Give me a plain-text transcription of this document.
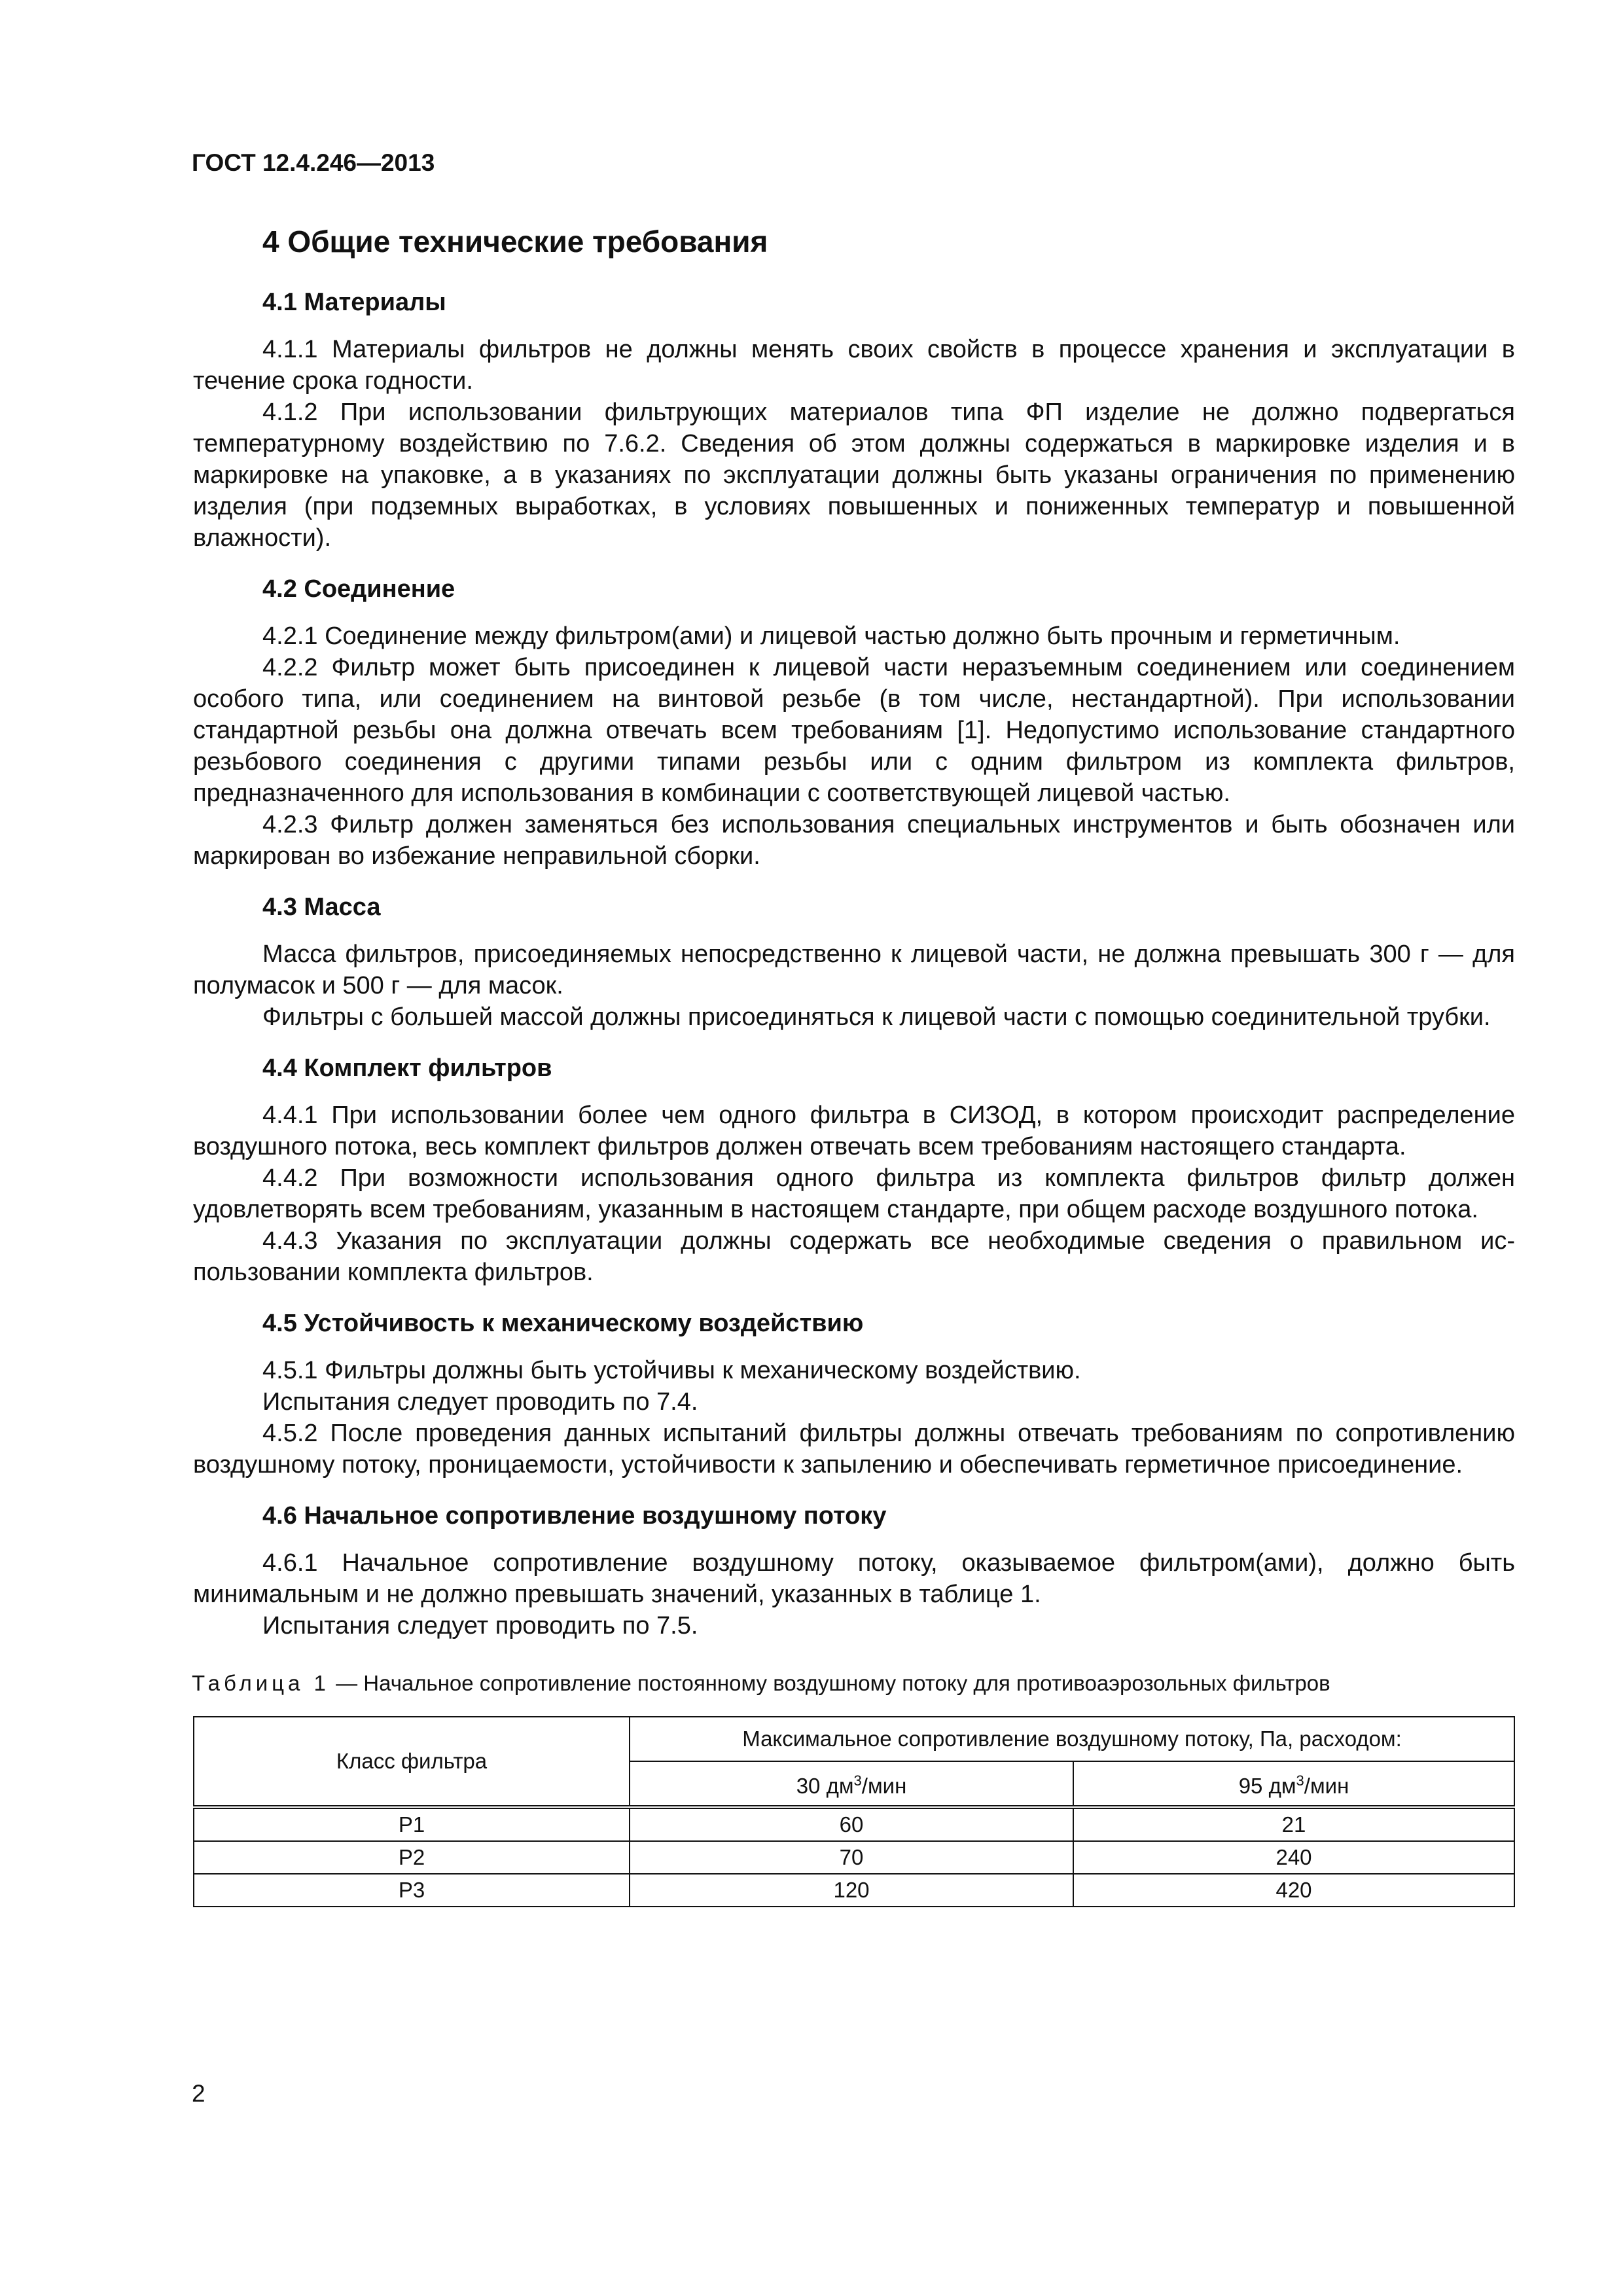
ГОСТ 12.4.246—2013
4 Общие технические требования
4.1 Материалы

4.1.1 Материалы фильтров не должны менять своих свойств в процессе хранения и эксплуатации в течение срока годности.

4.1.2 При использовании фильтрующих материалов типа ФП изделие не должно подвергаться температурному воздействию по 7.6.2. Сведения об этом должны содержаться в маркировке изделия и в маркировке на упаковке, а в указаниях по эксплуатации должны быть указаны ограничения по применению изделия (при подземных выработках, в условиях повышенных и пониженных температур и повышенной влажности).

4.2 Соединение

4.2.1 Соединение между фильтром(ами) и лицевой частью должно быть прочным и герметичным.

4.2.2 Фильтр может быть присоединен к лицевой части неразъемным соединением или соединением особого типа, или соединением на винтовой резьбе (в том числе, нестандартной). При использовании стандартной резьбы она должна отвечать всем требованиям [1]. Недопустимо использование стандартного резьбового соединения с другими типами резьбы или с одним фильтром из комплекта фильтров, предназначенного для использования в комбинации с соответствующей лицевой частью.

4.2.3 Фильтр должен заменяться без использования специальных инструментов и быть обозначен или маркирован во избежание неправильной сборки.

4.3 Масса

Масса фильтров, присоединяемых непосредственно к лицевой части, не должна превышать 300 г — для полумасок и 500 г — для масок.

Фильтры с большей массой должны присоединяться к лицевой части с помощью соединительной трубки.

4.4 Комплект фильтров

4.4.1 При использовании более чем одного фильтра в СИЗОД, в котором происходит распределение воздушного потока, весь комплект фильтров должен отвечать всем требованиям настоящего стандарта.

4.4.2 При возможности использования одного фильтра из комплекта фильтров фильтр должен удовлетворять всем требованиям, указанным в настоящем стандарте, при общем расходе воздушного потока.

4.4.3 Указания по эксплуатации должны содержать все необходимые сведения о правильном использовании комплекта фильтров.

4.5 Устойчивость к механическому воздействию

4.5.1 Фильтры должны быть устойчивы к механическому воздействию.

Испытания следует проводить по 7.4.

4.5.2 После проведения данных испытаний фильтры должны отвечать требованиям по сопротивлению воздушному потоку, проницаемости, устойчивости к запылению и обеспечивать герметичное присоединение.

4.6 Начальное сопротивление воздушному потоку

4.6.1 Начальное сопротивление воздушному потоку, оказываемое фильтром(ами), должно быть минимальным и не должно превышать значений, указанных в таблице 1.

Испытания следует проводить по 7.5.

Таблица 1 — Начальное сопротивление постоянному воздушному потоку для противоаэрозольных фильтров
Класс фильтра	Максимальное сопротивление воздушному потоку, Па, расходом:	
	30 $дм^3$/мин	95 $дм^3$/мин
Р1	60	21
Р2	70	240
Р3	120	420
2
